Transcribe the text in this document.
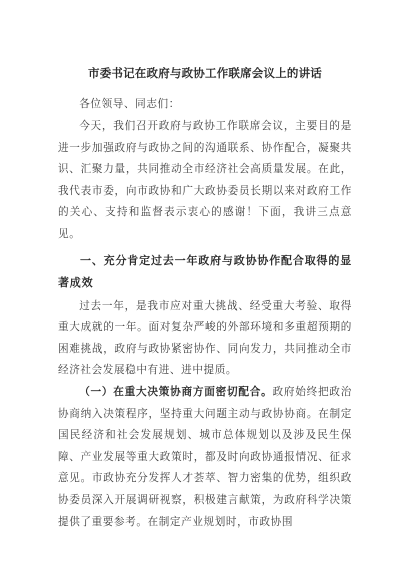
市委书记在政府与政协工作联席会议上的讲话

各位领导、同志们：

今天，我们召开政府与政协工作联席会议，主要目的是进一步加强政府与政协之间的沟通联系、协作配合，凝聚共识、汇聚力量，共同推动全市经济社会高质量发展。在此，我代表市委，向市政协和广大政协委员长期以来对政府工作的关心、支持和监督表示衷心的感谢！下面，我讲三点意见。

一、充分肯定过去一年政府与政协协作配合取得的显著成效

过去一年，是我市应对重大挑战、经受重大考验、取得重大成就的一年。面对复杂严峻的外部环境和多重超预期的困难挑战，政府与政协紧密协作、同向发力，共同推动全市经济社会发展稳中有进、进中提质。

（一）在重大决策协商方面密切配合。政府始终把政治协商纳入决策程序，坚持重大问题主动与政协协商。在制定国民经济和社会发展规划、城市总体规划以及涉及民生保障、产业发展等重大政策时，都及时向政协通报情况、征求意见。市政协充分发挥人才荟萃、智力密集的优势，组织政协委员深入开展调研视察，积极建言献策，为政府科学决策提供了重要参考。在制定产业规划时，市政协围
